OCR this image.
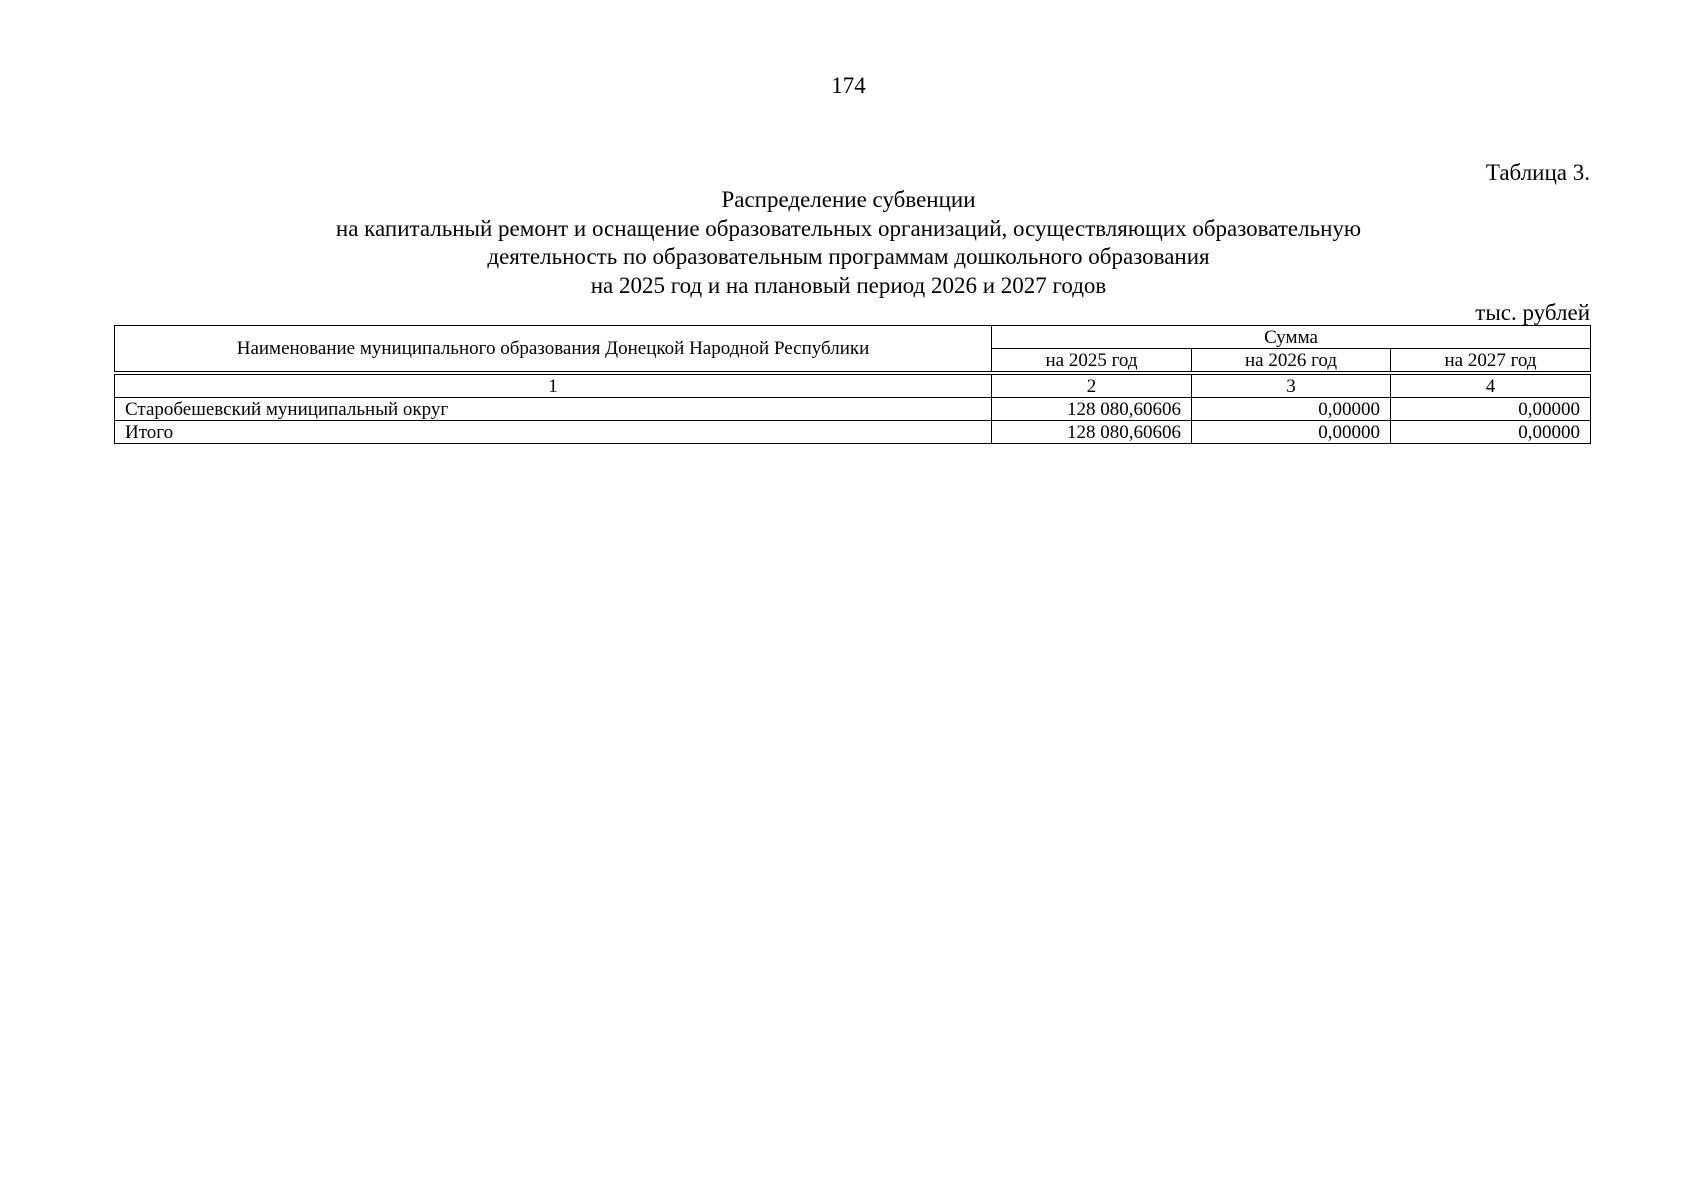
174
Таблица 3.
Распределение субвенции
на капитальный ремонт и оснащение образовательных организаций, осуществляющих образовательную
деятельность по образовательным программам дошкольного образования
на 2025 год и на плановый период 2026 и 2027 годов
тыс. рублей
Наименование муниципального образования Донецкой Народной Республики	Сумма		
	на 2025 год	на 2026 год	на 2027 год

1	2	3	4
Старобешевский муниципальный округ	128 080,60606	0,00000	0,00000
Итого	128 080,60606	0,00000	0,00000
